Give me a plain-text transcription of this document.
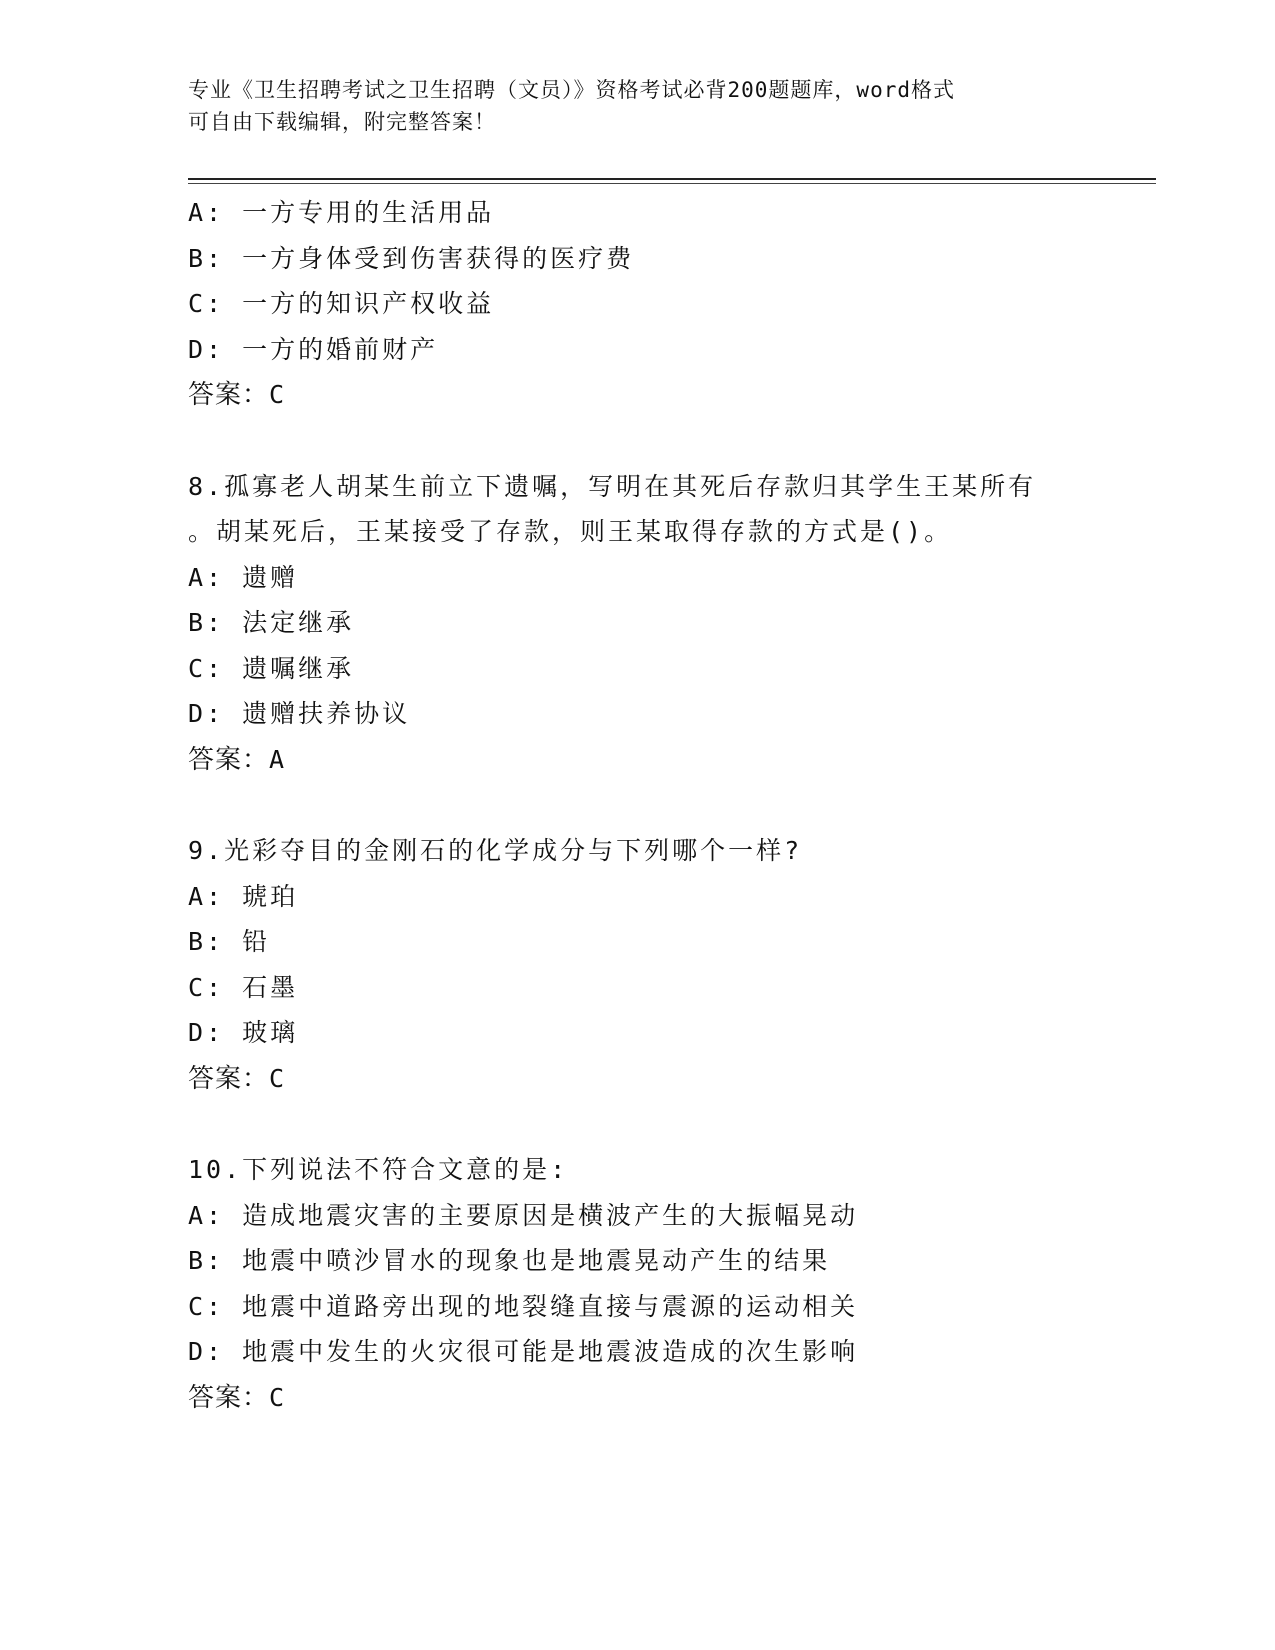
专业《卫生招聘考试之卫生招聘（文员）》资格考试必背200题题库，word格式
可自由下载编辑，附完整答案！
A: 一方专用的生活用品
B: 一方身体受到伤害获得的医疗费
C: 一方的知识产权收益
D: 一方的婚前财产
答案：C
8.孤寡老人胡某生前立下遗嘱，写明在其死后存款归其学生王某所有
。胡某死后，王某接受了存款，则王某取得存款的方式是()。
A: 遗赠
B: 法定继承
C: 遗嘱继承
D: 遗赠扶养协议
答案：A
9.光彩夺目的金刚石的化学成分与下列哪个一样?
A: 琥珀
B: 铅
C: 石墨
D: 玻璃
答案：C
10.下列说法不符合文意的是:
A: 造成地震灾害的主要原因是横波产生的大振幅晃动
B: 地震中喷沙冒水的现象也是地震晃动产生的结果
C: 地震中道路旁出现的地裂缝直接与震源的运动相关
D: 地震中发生的火灾很可能是地震波造成的次生影响
答案：C
